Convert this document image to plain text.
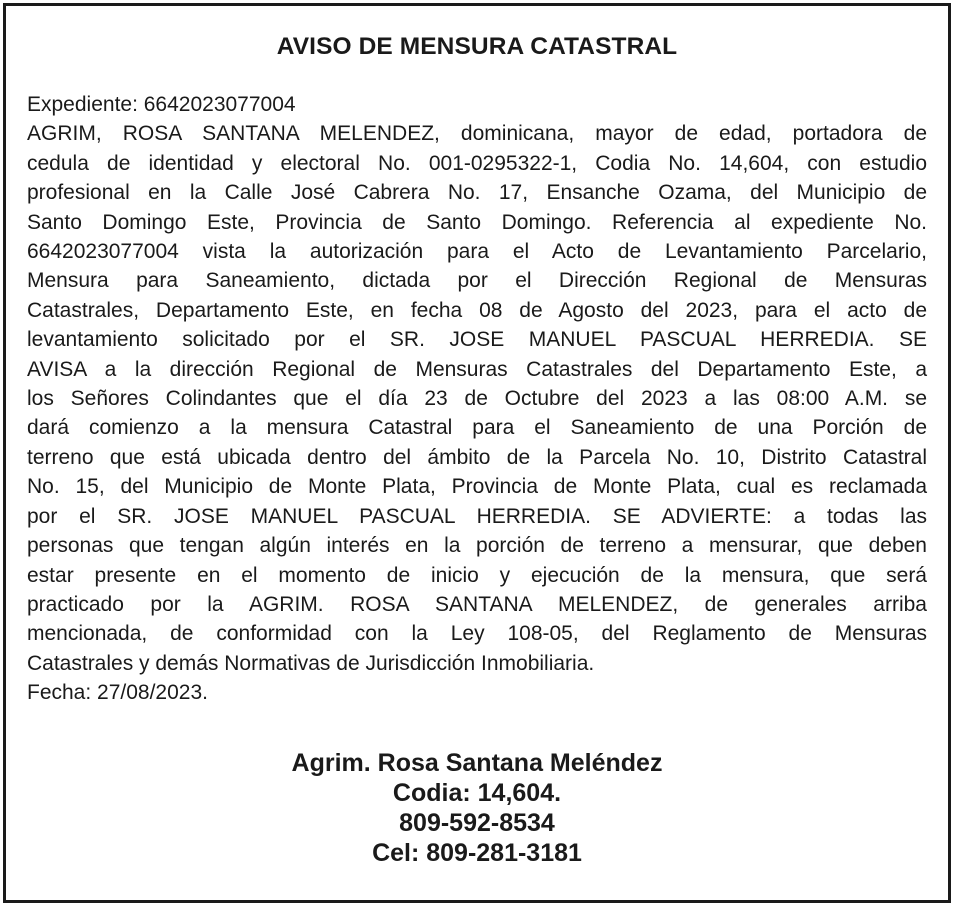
AVISO DE MENSURA CATASTRAL
Expediente: 6642023077004
AGRIM, ROSA SANTANA MELENDEZ, dominicana, mayor de edad, portadora de
cedula de identidad y electoral No. 001-0295322-1, Codia No. 14,604, con estudio
profesional en la Calle José Cabrera No. 17, Ensanche Ozama, del Municipio de
Santo Domingo Este, Provincia de Santo Domingo. Referencia al expediente No.
6642023077004 vista la autorización para el Acto de Levantamiento Parcelario,
Mensura para Saneamiento, dictada por el Dirección Regional de Mensuras
Catastrales, Departamento Este, en fecha 08 de Agosto del 2023, para el acto de
levantamiento solicitado por el SR. JOSE MANUEL PASCUAL HERREDIA. SE
AVISA a la dirección Regional de Mensuras Catastrales del Departamento Este, a
los Señores Colindantes que el día 23 de Octubre del 2023 a las 08:00 A.M. se
dará comienzo a la mensura Catastral para el Saneamiento de una Porción de
terreno que está ubicada dentro del ámbito de la Parcela No. 10, Distrito Catastral
No. 15, del Municipio de Monte Plata, Provincia de Monte Plata, cual es reclamada
por el SR. JOSE MANUEL PASCUAL HERREDIA. SE ADVIERTE: a todas las
personas que tengan algún interés en la porción de terreno a mensurar, que deben
estar presente en el momento de inicio y ejecución de la mensura, que será
practicado por la AGRIM. ROSA SANTANA MELENDEZ, de generales arriba
mencionada, de conformidad con la Ley 108-05, del Reglamento de Mensuras
Catastrales y demás Normativas de Jurisdicción Inmobiliaria.
Fecha: 27/08/2023.
Agrim. Rosa Santana Meléndez
Codia: 14,604.
809-592-8534
Cel: 809-281-3181
